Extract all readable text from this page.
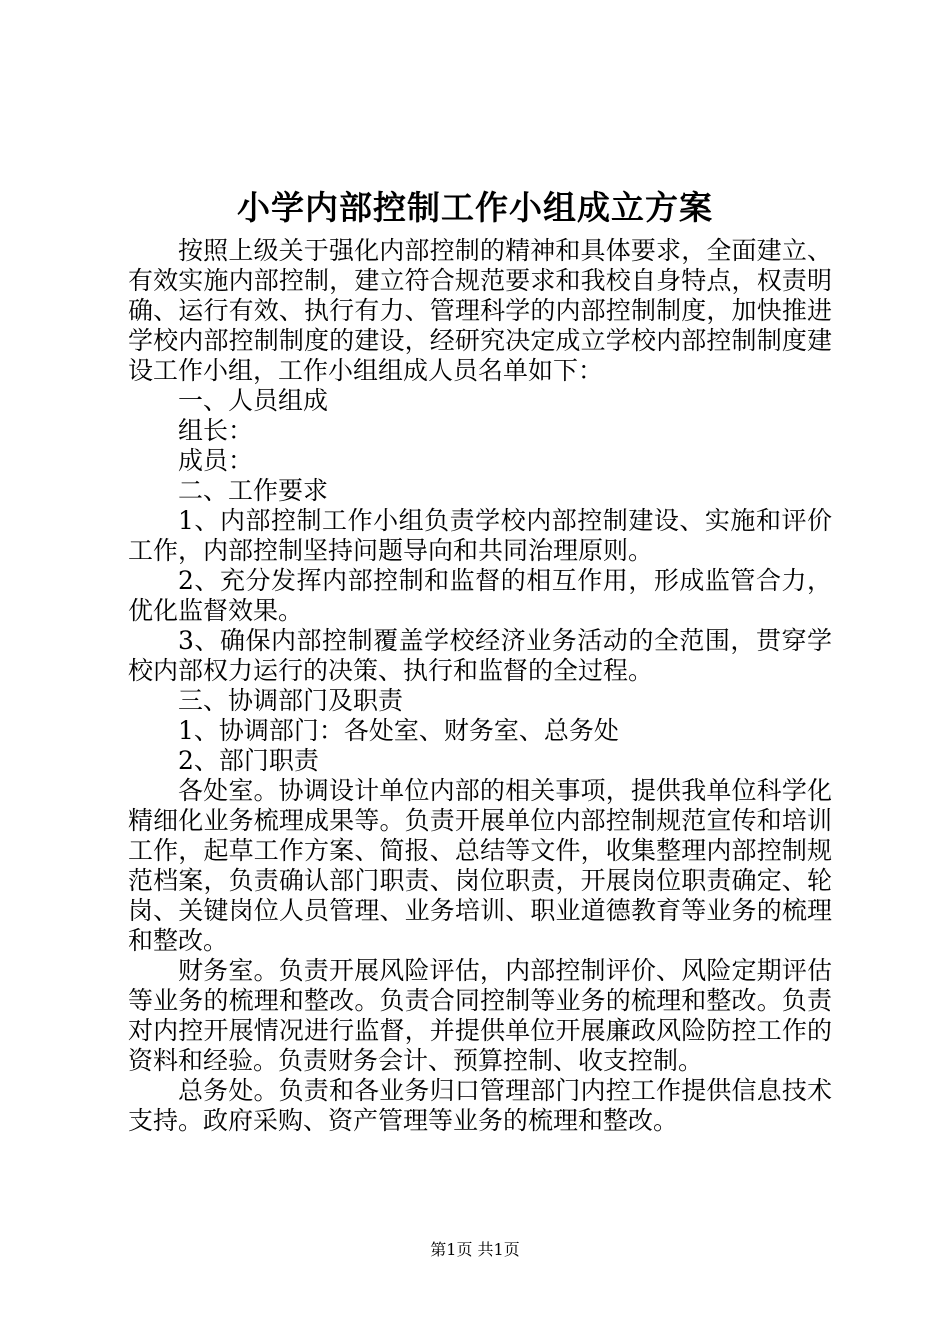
小学内部控制工作小组成立方案

按照上级关于强化内部控制的精神和具体要求，全面建立、有效实施内部控制，建立符合规范要求和我校自身特点，权责明确、运行有效、执行有力、管理科学的内部控制制度，加快推进学校内部控制制度的建设，经研究决定成立学校内部控制制度建设工作小组，工作小组组成人员名单如下：

一、人员组成

组长：

成员：

二、工作要求

1、内部控制工作小组负责学校内部控制建设、实施和评价工作，内部控制坚持问题导向和共同治理原则。

2、充分发挥内部控制和监督的相互作用，形成监管合力，优化监督效果。

3、确保内部控制覆盖学校经济业务活动的全范围，贯穿学校内部权力运行的决策、执行和监督的全过程。

三、协调部门及职责

1、协调部门：各处室、财务室、总务处

2、部门职责

各处室。协调设计单位内部的相关事项，提供我单位科学化精细化业务梳理成果等。负责开展单位内部控制规范宣传和培训工作，起草工作方案、简报、总结等文件，收集整理内部控制规范档案，负责确认部门职责、岗位职责，开展岗位职责确定、轮岗、关键岗位人员管理、业务培训、职业道德教育等业务的梳理和整改。

财务室。负责开展风险评估，内部控制评价、风险定期评估等业务的梳理和整改。负责合同控制等业务的梳理和整改。负责对内控开展情况进行监督，并提供单位开展廉政风险防控工作的资料和经验。负责财务会计、预算控制、收支控制。

总务处。负责和各业务归口管理部门内控工作提供信息技术支持。政府采购、资产管理等业务的梳理和整改。

第1页 共1页
